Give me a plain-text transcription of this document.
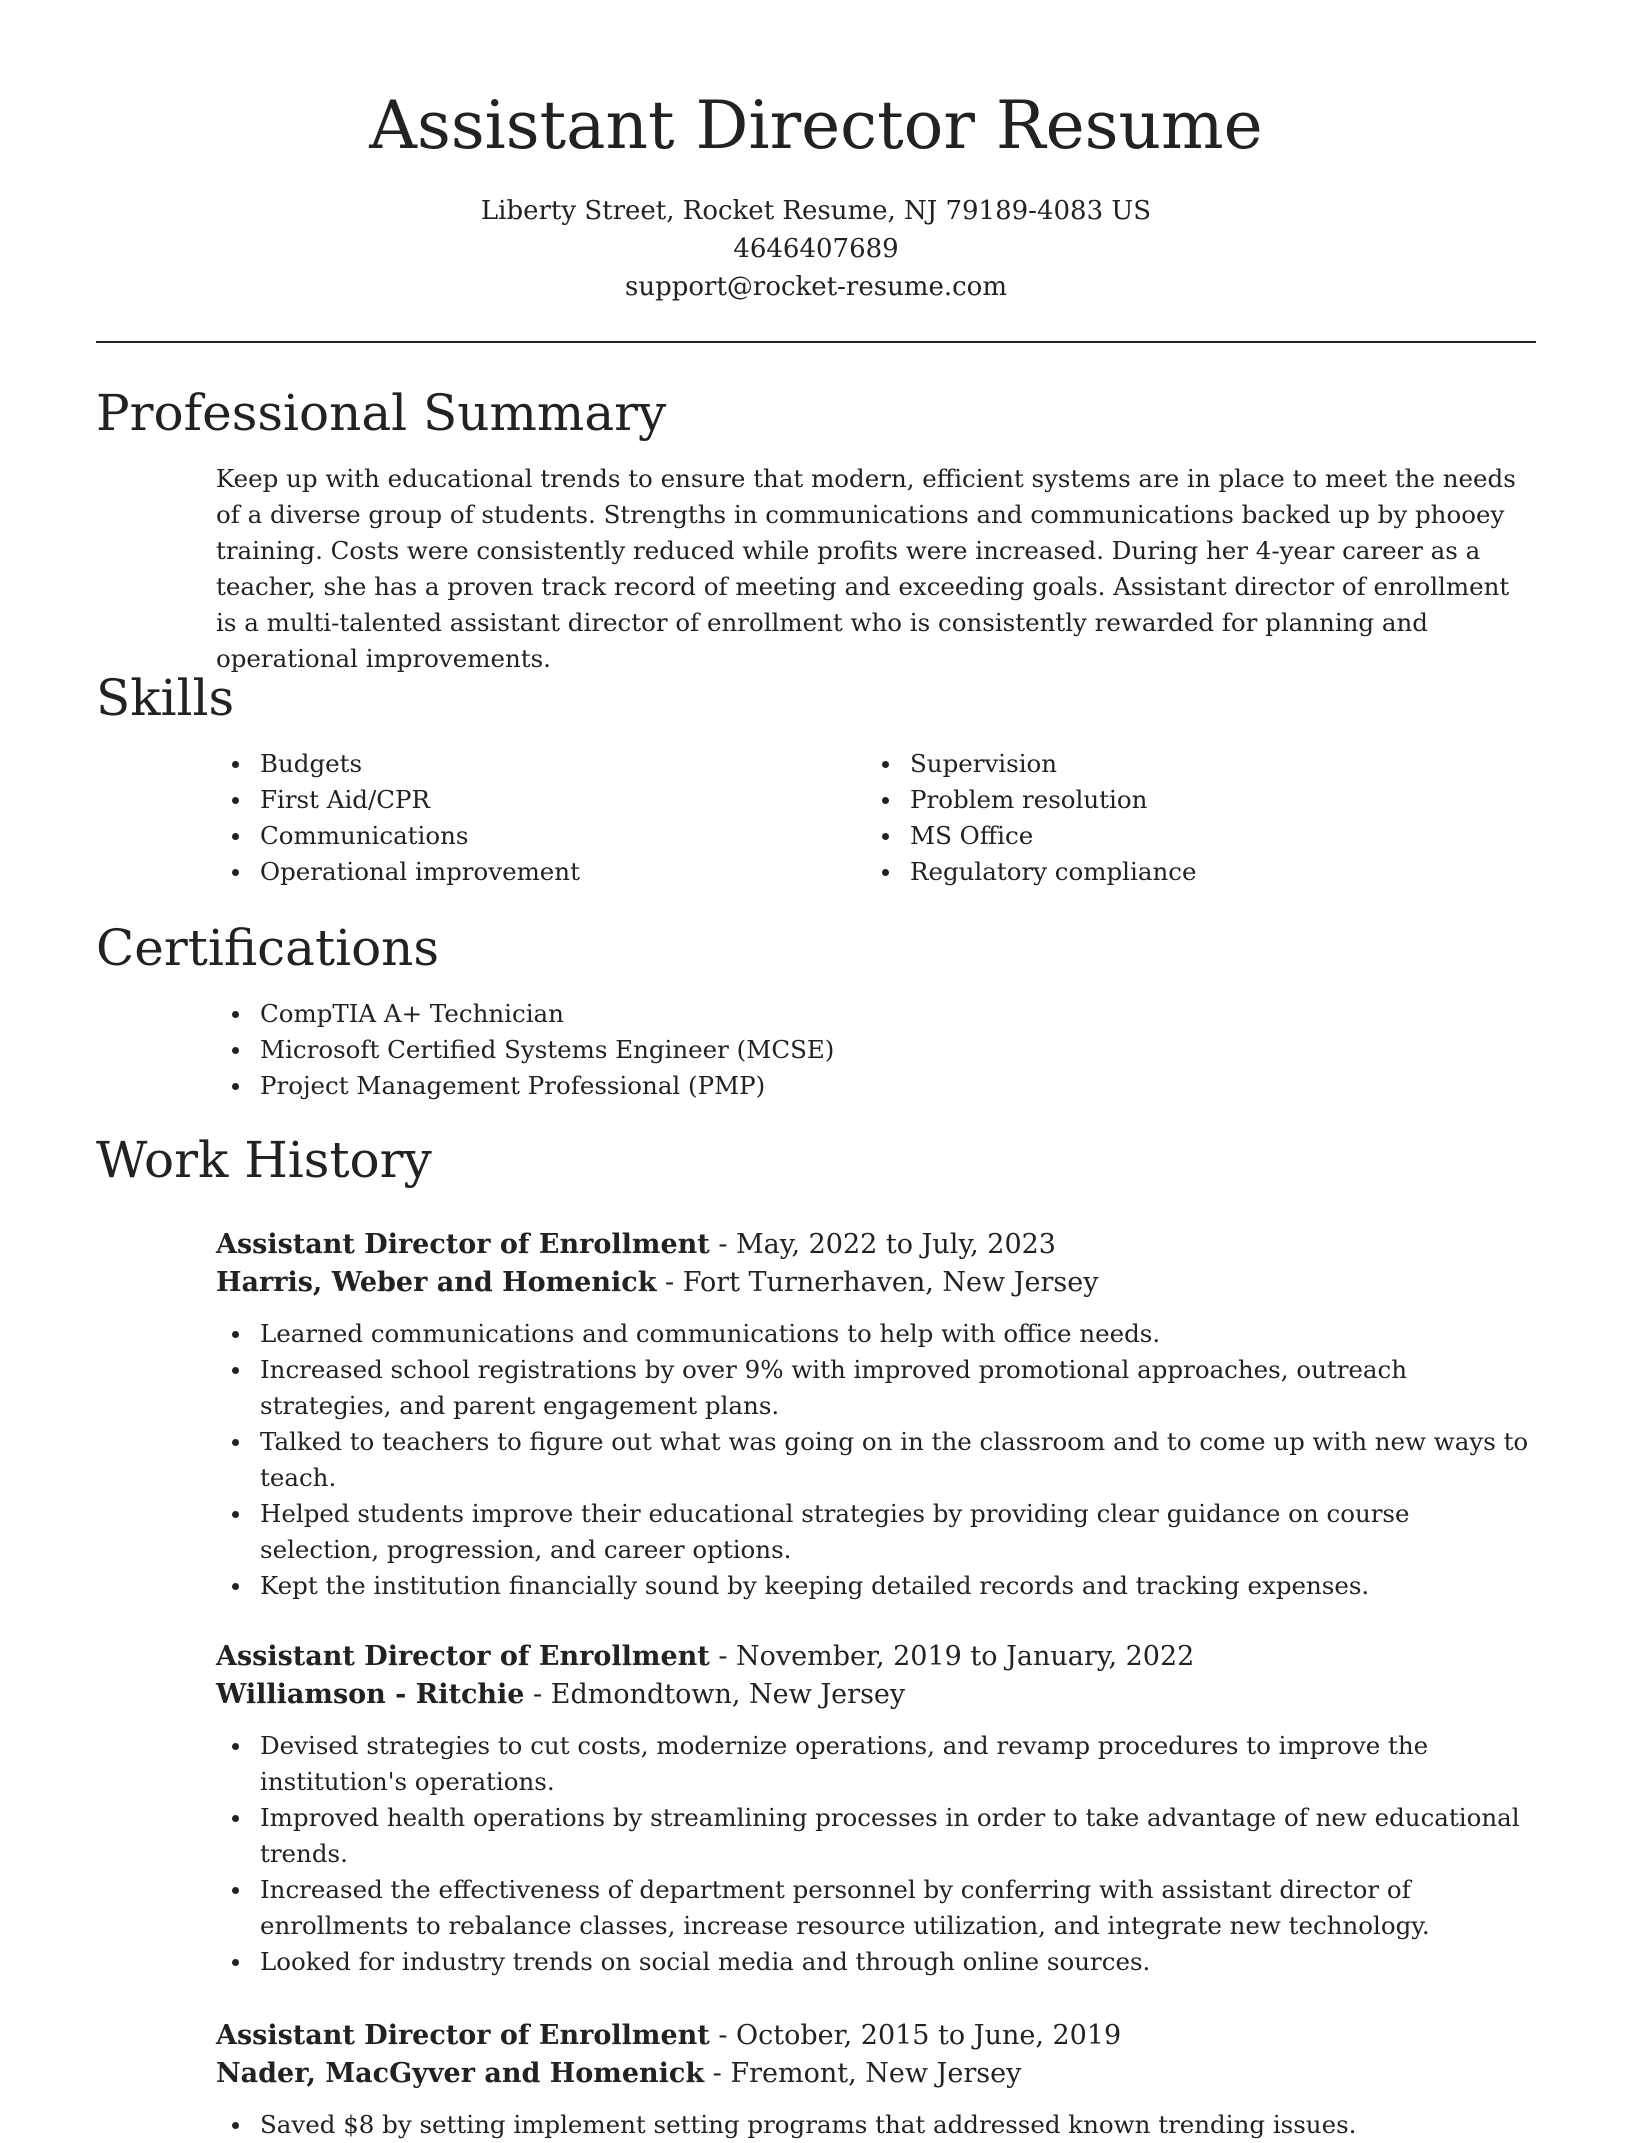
Assistant Director Resume
Liberty Street, Rocket Resume, NJ 79189-4083 US
4646407689
support@rocket-resume.com
Professional Summary

Keep up with educational trends to ensure that modern, efficient systems are in place to meet the needs of a diverse group of students. Strengths in communications and communications backed up by phooey training. Costs were consistently reduced while profits were increased. During her 4-year career as a teacher, she has a proven track record of meeting and exceeding goals. Assistant director of enrollment is a multi-talented assistant director of enrollment who is consistently rewarded for planning and operational improvements.

Skills
Budgets
First Aid/CPR
Communications
Operational improvement
Supervision
Problem resolution
MS Office
Regulatory compliance
Certifications
CompTIA A+ Technician
Microsoft Certified Systems Engineer (MCSE)
Project Management Professional (PMP)
Work History
Assistant Director of Enrollment - May, 2022 to July, 2023
Harris, Weber and Homenick - Fort Turnerhaven, New Jersey
Learned communications and communications to help with office needs.
Increased school registrations by over 9% with improved promotional approaches, outreach strategies, and parent engagement plans.
Talked to teachers to figure out what was going on in the classroom and to come up with new ways to teach.
Helped students improve their educational strategies by providing clear guidance on course selection, progression, and career options.
Kept the institution financially sound by keeping detailed records and tracking expenses.
Assistant Director of Enrollment - November, 2019 to January, 2022
Williamson - Ritchie - Edmondtown, New Jersey
Devised strategies to cut costs, modernize operations, and revamp procedures to improve the institution's operations.
Improved health operations by streamlining processes in order to take advantage of new educational trends.
Increased the effectiveness of department personnel by conferring with assistant director of enrollments to rebalance classes, increase resource utilization, and integrate new technology.
Looked for industry trends on social media and through online sources.
Assistant Director of Enrollment - October, 2015 to June, 2019
Nader, MacGyver and Homenick - Fremont, New Jersey
Saved $8 by setting implement setting programs that addressed known trending issues.
